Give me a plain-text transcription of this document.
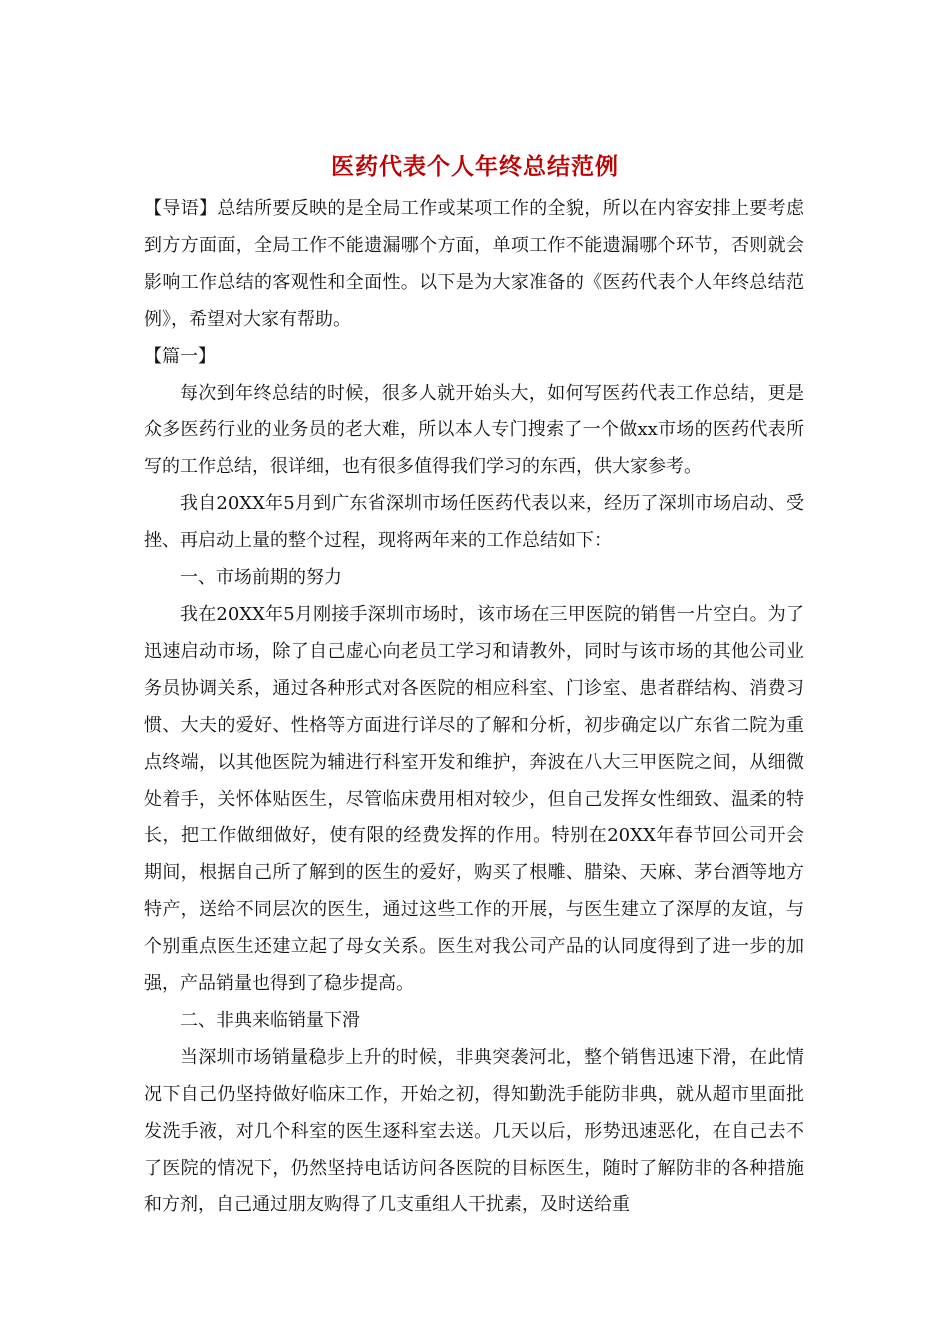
医药代表个人年终总结范例

【导语】总结所要反映的是全局工作或某项工作的全貌，所以在内容安排上要考虑到方方面面，全局工作不能遗漏哪个方面，单项工作不能遗漏哪个环节，否则就会影响工作总结的客观性和全面性。以下是为大家准备的《医药代表个人年终总结范例》，希望对大家有帮助。

【篇一】

每次到年终总结的时候，很多人就开始头大，如何写医药代表工作总结，更是众多医药行业的业务员的老大难，所以本人专门搜索了一个做xx市场的医药代表所写的工作总结，很详细，也有很多值得我们学习的东西，供大家参考。

我自20XX年5月到广东省深圳市场任医药代表以来，经历了深圳市场启动、受挫、再启动上量的整个过程，现将两年来的工作总结如下：

一、市场前期的努力

我在20XX年5月刚接手深圳市场时，该市场在三甲医院的销售一片空白。为了迅速启动市场，除了自己虚心向老员工学习和请教外，同时与该市场的其他公司业务员协调关系，通过各种形式对各医院的相应科室、门诊室、患者群结构、消费习惯、大夫的爱好、性格等方面进行详尽的了解和分析，初步确定以广东省二院为重点终端，以其他医院为辅进行科室开发和维护，奔波在八大三甲医院之间，从细微处着手，关怀体贴医生，尽管临床费用相对较少，但自己发挥女性细致、温柔的特长，把工作做细做好，使有限的经费发挥的作用。特别在20XX年春节回公司开会期间，根据自己所了解到的医生的爱好，购买了根雕、腊染、天麻、茅台酒等地方特产，送给不同层次的医生，通过这些工作的开展，与医生建立了深厚的友谊，与个别重点医生还建立起了母女关系。医生对我公司产品的认同度得到了进一步的加强，产品销量也得到了稳步提高。

二、非典来临销量下滑

当深圳市场销量稳步上升的时候，非典突袭河北，整个销售迅速下滑，在此情况下自己仍坚持做好临床工作，开始之初，得知勤洗手能防非典，就从超市里面批发洗手液，对几个科室的医生逐科室去送。几天以后，形势迅速恶化，在自己去不了医院的情况下，仍然坚持电话访问各医院的目标医生，随时了解防非的各种措施和方剂，自己通过朋友购得了几支重组人干扰素，及时送给重
